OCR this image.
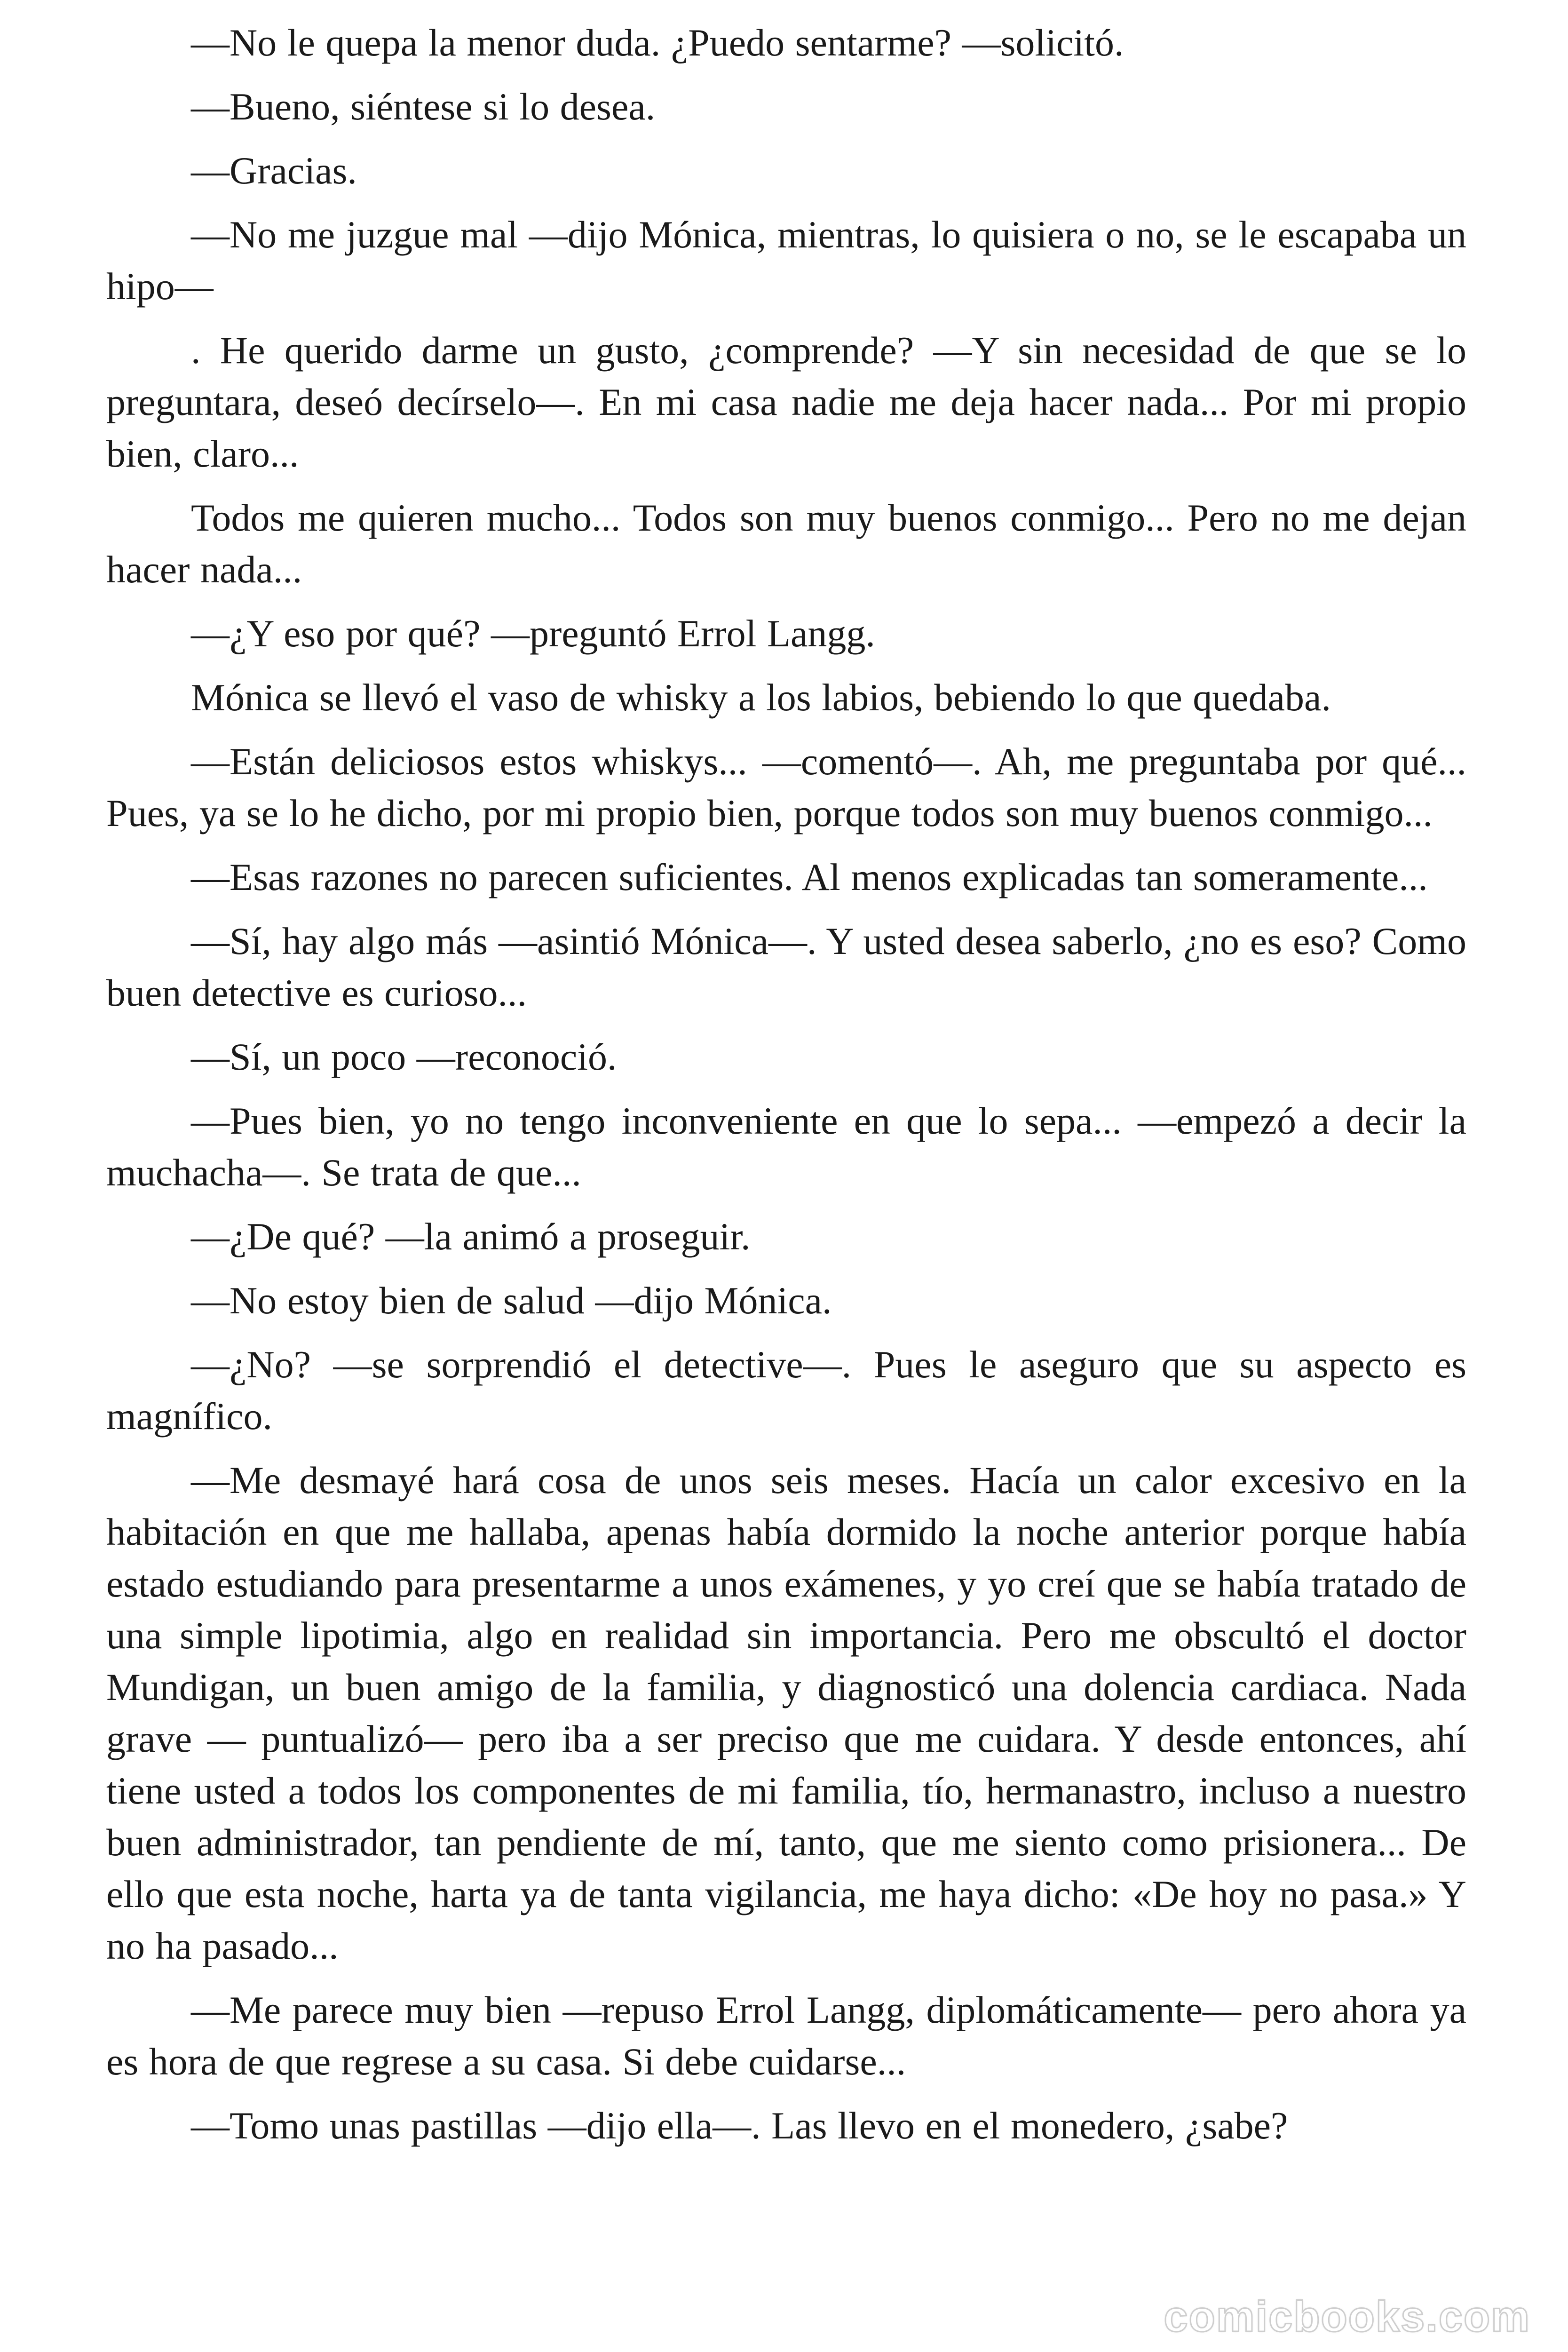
—No le quepa la menor duda. ¿Puedo sentarme? —solicitó.

—Bueno, siéntese si lo desea.

—Gracias.

—No me juzgue mal —dijo Mónica, mientras, lo quisiera o no, se le escapaba un hipo—

. He querido darme un gusto, ¿comprende? —Y sin necesidad de que se lo preguntara, deseó decírselo—. En mi casa nadie me deja hacer nada... Por mi propio bien, claro...

Todos me quieren mucho... Todos son muy buenos conmigo... Pero no me dejan hacer nada...

—¿Y eso por qué? —preguntó Errol Langg.

Mónica se llevó el vaso de whisky a los labios, bebiendo lo que quedaba.

—Están deliciosos estos whiskys... —comentó—. Ah, me preguntaba por qué... Pues, ya se lo he dicho, por mi propio bien, porque todos son muy buenos conmigo...

—Esas razones no parecen suficientes. Al menos explicadas tan someramente...

—Sí, hay algo más —asintió Mónica—. Y usted desea saberlo, ¿no es eso? Como buen detective es curioso...

—Sí, un poco —reconoció.

—Pues bien, yo no tengo inconveniente en que lo sepa... —empezó a decir la muchacha—. Se trata de que...

—¿De qué? —la animó a proseguir.

—No estoy bien de salud —dijo Mónica.

—¿No? —se sorprendió el detective—. Pues le aseguro que su aspecto es magnífico.

—Me desmayé hará cosa de unos seis meses. Hacía un calor excesivo en la habitación en que me hallaba, apenas había dormido la noche anterior porque había estado estudiando para presentarme a unos exámenes, y yo creí que se había tratado de una simple lipotimia, algo en realidad sin importancia. Pero me obscultó el doctor Mundigan, un buen amigo de la familia, y diagnosticó una dolencia cardiaca. Nada grave — puntualizó— pero iba a ser preciso que me cuidara. Y desde entonces, ahí tiene usted a todos los componentes de mi familia, tío, hermanastro, incluso a nuestro buen administrador, tan pendiente de mí, tanto, que me siento como prisionera... De ello que esta noche, harta ya de tanta vigilancia, me haya dicho: «De hoy no pasa.» Y no ha pasado...

—Me parece muy bien —repuso Errol Langg, diplomáticamente— pero ahora ya es hora de que regrese a su casa. Si debe cuidarse...

—Tomo unas pastillas —dijo ella—. Las llevo en el monedero, ¿sabe?

comicbooks.com
